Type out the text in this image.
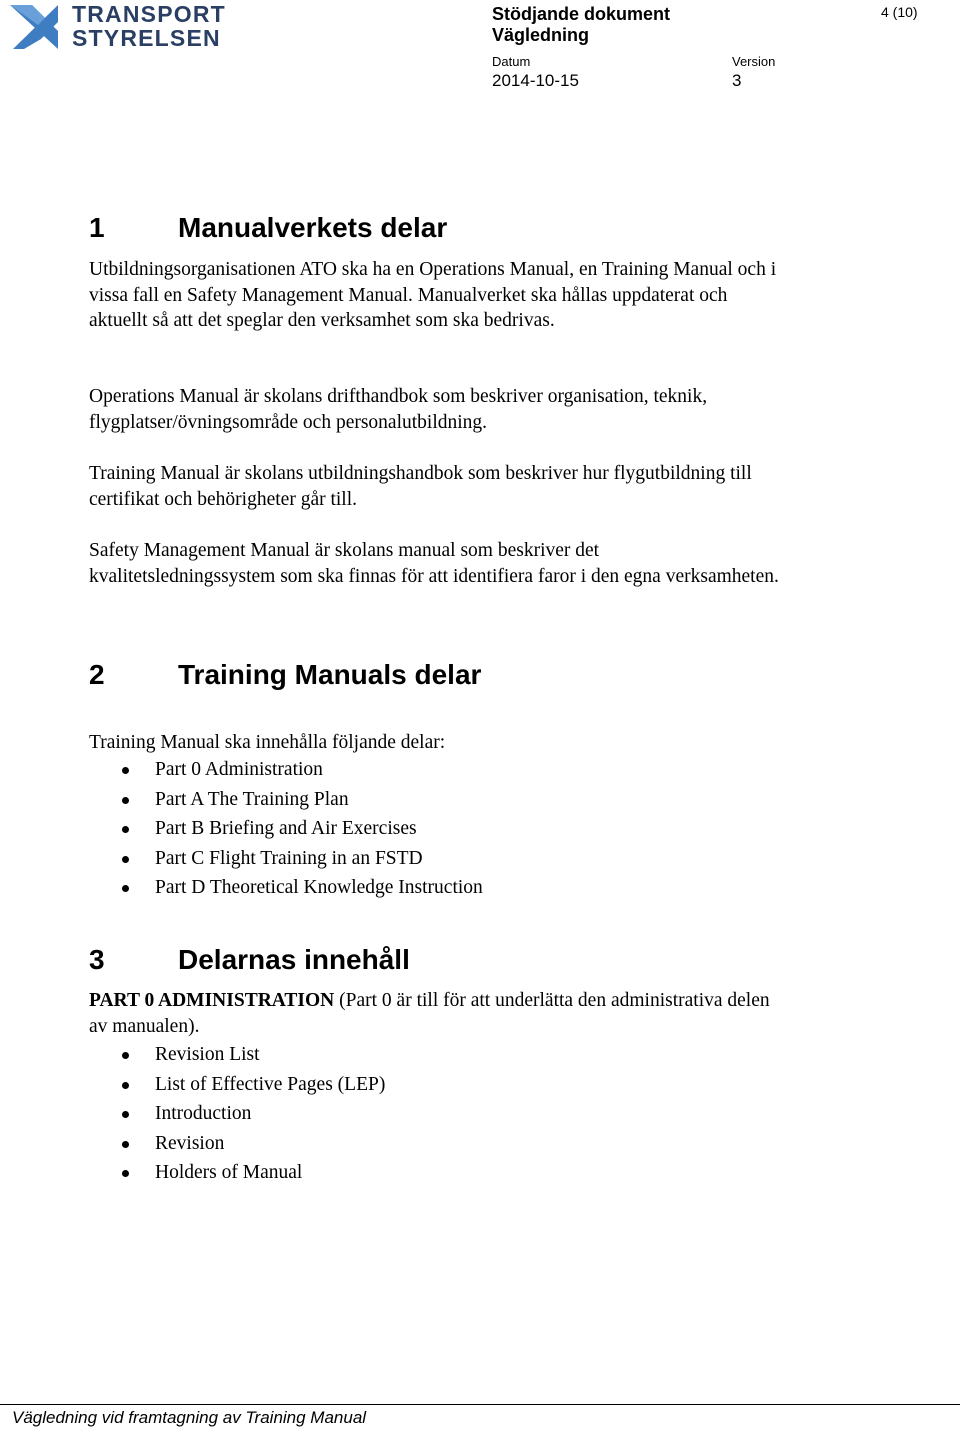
TRANSPORT
STYRELSEN
Stödjande dokument
Vägledning
Datum	Version
2014-10-15	3
4 (10)
1	Manualverkets delar
Utbildningsorganisationen ATO ska ha en Operations Manual, en Training Manual och i vissa fall en Safety Management Manual. Manualverket ska hållas uppdaterat och aktuellt så att det speglar den verksamhet som ska bedrivas.
Operations Manual är skolans drifthandbok som beskriver organisation, teknik, flygplatser/övningsområde och personalutbildning.
Training Manual är skolans utbildningshandbok som beskriver hur flygutbildning till certifikat och behörigheter går till.
Safety Management Manual är skolans manual som beskriver det kvalitetsledningssystem som ska finnas för att identifiera faror i den egna verksamheten.
2	Training Manuals delar
Training Manual ska innehålla följande delar:
Part 0 Administration
Part A The Training Plan
Part B Briefing and Air Exercises
Part C Flight Training in an FSTD
Part D Theoretical Knowledge Instruction
3	Delarnas innehåll
PART 0 ADMINISTRATION (Part 0 är till för att underlätta den administrativa delen av manualen).
Revision List
List of Effective Pages (LEP)
Introduction
Revision
Holders of Manual
Vägledning vid framtagning av Training Manual
